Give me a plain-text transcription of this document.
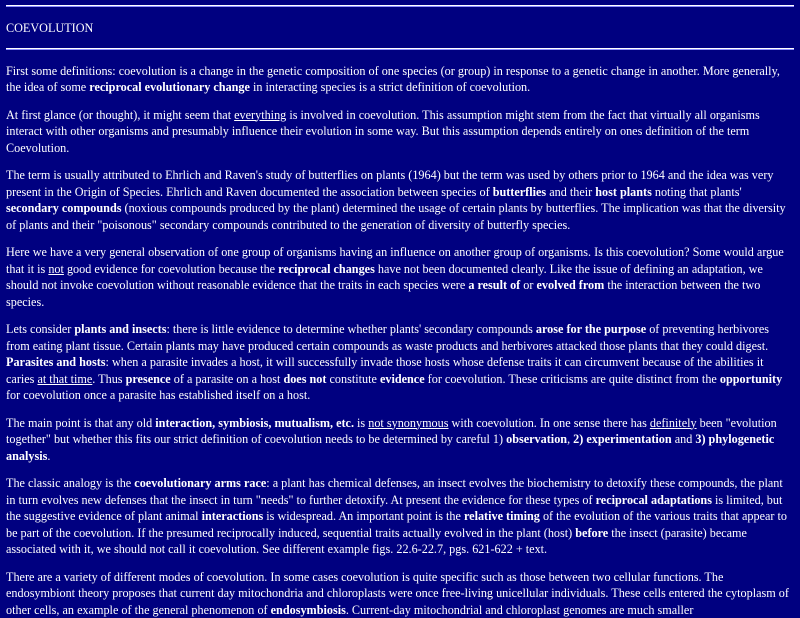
COEVOLUTION

First some definitions: coevolution is a change in the genetic composition of one species (or group) in response to a genetic change in another. More generally, the idea of some reciprocal evolutionary change in interacting species is a strict definition of coevolution.

At first glance (or thought), it might seem that everything is involved in coevolution. This assumption might stem from the fact that virtually all organisms interact with other organisms and presumably influence their evolution in some way. But this assumption depends entirely on ones definition of the term Coevolution.

The term is usually attributed to Ehrlich and Raven's study of butterflies on plants (1964) but the term was used by others prior to 1964 and the idea was very present in the Origin of Species. Ehrlich and Raven documented the association between species of butterflies and their host plants noting that plants' secondary compounds (noxious compounds produced by the plant) determined the usage of certain plants by butterflies. The implication was that the diversity of plants and their "poisonous" secondary compounds contributed to the generation of diversity of butterfly species.

Here we have a very general observation of one group of organisms having an influence on another group of organisms. Is this coevolution? Some would argue that it is not good evidence for coevolution because the reciprocal changes have not been documented clearly. Like the issue of defining an adaptation, we should not invoke coevolution without reasonable evidence that the traits in each species were a result of or evolved from the interaction between the two species.

Lets consider plants and insects: there is little evidence to determine whether plants' secondary compounds arose for the purpose of preventing herbivores from eating plant tissue. Certain plants may have produced certain compounds as waste products and herbivores attacked those plants that they could digest. Parasites and hosts: when a parasite invades a host, it will successfully invade those hosts whose defense traits it can circumvent because of the abilities it caries at that time. Thus presence of a parasite on a host does not constitute evidence for coevolution. These criticisms are quite distinct from the opportunity for coevolution once a parasite has established itself on a host.

The main point is that any old interaction, symbiosis, mutualism, etc. is not synonymous with coevolution. In one sense there has definitely been "evolution together" but whether this fits our strict definition of coevolution needs to be determined by careful 1) observation, 2) experimentation and 3) phylogenetic analysis.

The classic analogy is the coevolutionary arms race: a plant has chemical defenses, an insect evolves the biochemistry to detoxify these compounds, the plant in turn evolves new defenses that the insect in turn "needs" to further detoxify. At present the evidence for these types of reciprocal adaptations is limited, but the suggestive evidence of plant animal interactions is widespread. An important point is the relative timing of the evolution of the various traits that appear to be part of the coevolution. If the presumed reciprocally induced, sequential traits actually evolved in the plant (host) before the insect (parasite) became associated with it, we should not call it coevolution. See different example figs. 22.6-22.7, pgs. 621-622 + text.

There are a variety of different modes of coevolution. In some cases coevolution is quite specific such as those between two cellular functions. The endosymbiont theory proposes that current day mitochondria and chloroplasts were once free-living unicellular individuals. These cells entered the cytoplasm of other cells, an example of the general phenomenon of endosymbiosis. Current-day mitochondrial and chloroplast genomes are much smaller
